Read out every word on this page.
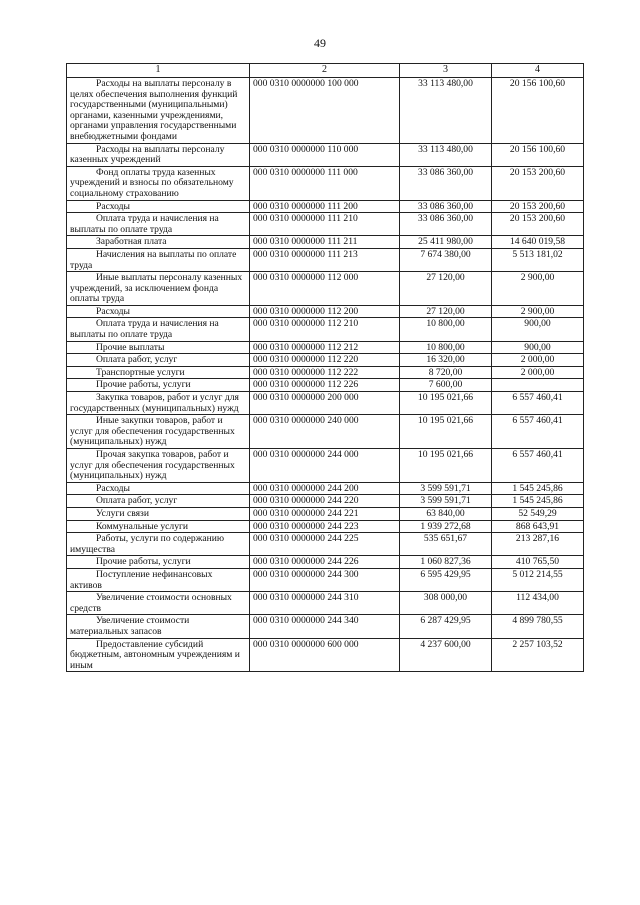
49
1	2	3	4
Расходы на выплаты персоналу в целях обеспечения выполнения функций государственными (муниципальными) органами, казенными учреждениями, органами управления государственными внебюджетными фондами	000 0310 0000000 100 000	33 113 480,00	20 156 100,60
Расходы на выплаты персоналу казенных учреждений	000 0310 0000000 110 000	33 113 480,00	20 156 100,60
Фонд оплаты труда казенных учреждений и взносы по обязательному социальному страхованию	000 0310 0000000 111 000	33 086 360,00	20 153 200,60
Расходы	000 0310 0000000 111 200	33 086 360,00	20 153 200,60
Оплата труда и начисления на выплаты по оплате труда	000 0310 0000000 111 210	33 086 360,00	20 153 200,60
Заработная плата	000 0310 0000000 111 211	25 411 980,00	14 640 019,58
Начисления на выплаты по оплате труда	000 0310 0000000 111 213	7 674 380,00	5 513 181,02
Иные выплаты персоналу казенных учреждений, за исключением фонда оплаты труда	000 0310 0000000 112 000	27 120,00	2 900,00
Расходы	000 0310 0000000 112 200	27 120,00	2 900,00
Оплата труда и начисления на выплаты по оплате труда	000 0310 0000000 112 210	10 800,00	900,00
Прочие выплаты	000 0310 0000000 112 212	10 800,00	900,00
Оплата работ, услуг	000 0310 0000000 112 220	16 320,00	2 000,00
Транспортные услуги	000 0310 0000000 112 222	8 720,00	2 000,00
Прочие работы, услуги	000 0310 0000000 112 226	7 600,00	
Закупка товаров, работ и услуг для государственных (муниципальных) нужд	000 0310 0000000 200 000	10 195 021,66	6 557 460,41
Иные закупки товаров, работ и услуг для обеспечения государственных (муниципальных) нужд	000 0310 0000000 240 000	10 195 021,66	6 557 460,41
Прочая закупка товаров, работ и услуг для обеспечения государственных (муниципальных) нужд	000 0310 0000000 244 000	10 195 021,66	6 557 460,41
Расходы	000 0310 0000000 244 200	3 599 591,71	1 545 245,86
Оплата работ, услуг	000 0310 0000000 244 220	3 599 591,71	1 545 245,86
Услуги связи	000 0310 0000000 244 221	63 840,00	52 549,29
Коммунальные услуги	000 0310 0000000 244 223	1 939 272,68	868 643,91
Работы, услуги по содержанию имущества	000 0310 0000000 244 225	535 651,67	213 287,16
Прочие работы, услуги	000 0310 0000000 244 226	1 060 827,36	410 765,50
Поступление нефинансовых активов	000 0310 0000000 244 300	6 595 429,95	5 012 214,55
Увеличение стоимости основных средств	000 0310 0000000 244 310	308 000,00	112 434,00
Увеличение стоимости материальных запасов	000 0310 0000000 244 340	6 287 429,95	4 899 780,55
Предоставление субсидий бюджетным, автономным учреждениям и иным	000 0310 0000000 600 000	4 237 600,00	2 257 103,52
